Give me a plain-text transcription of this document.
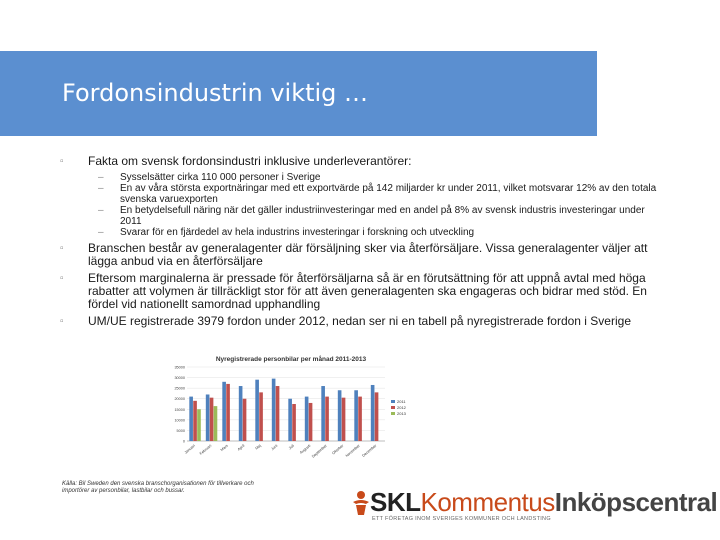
Fordonsindustrin viktig …
▫ Fakta om svensk fordonsindustri inklusive underleverantörer:
– Sysselsätter cirka 110 000 personer i Sverige
– En av våra största exportnäringar med ett exportvärde på 142 miljarder kr under 2011, vilket motsvarar 12% av den totala svenska varuexporten
– En betydelsefull näring när det gäller industriinvesteringar med en andel på 8% av svensk industris investeringar under 2011
– Svarar för en fjärdedel av hela industrins investeringar i forskning och utveckling
▫ Branschen består av generalagenter där försäljning sker via återförsäljare. Vissa generalagenter väljer att lägga anbud via en återförsäljare
▫ Eftersom marginalerna är pressade för återförsäljarna så är en förutsättning för att uppnå avtal med höga rabatter att volymen är tillräckligt stor för att även generalagenten ska engageras och bidrar med stöd. En fördel vid nationellt samordnad upphandling
▫ UM/UE registrerade 3979 fordon under 2012, nedan ser ni en tabell på nyregistrerade fordon i Sverige
Nyregistrerade personbilar per månad 2011-2013
0
5000
10000
15000
20000
25000
30000
35000
Januari Februari Mars April Maj Juni	Juli Augusti September Oktober November December
2011
2012
2013
Källa: Bil Sweden den svenska branschorganisationen för tillverkare och importörer av personbilar, lastbilar och bussar.	SKLKommentusInköpscentral
ETT FÖRETAG INOM SVERIGES KOMMUNER OCH LANDSTING
